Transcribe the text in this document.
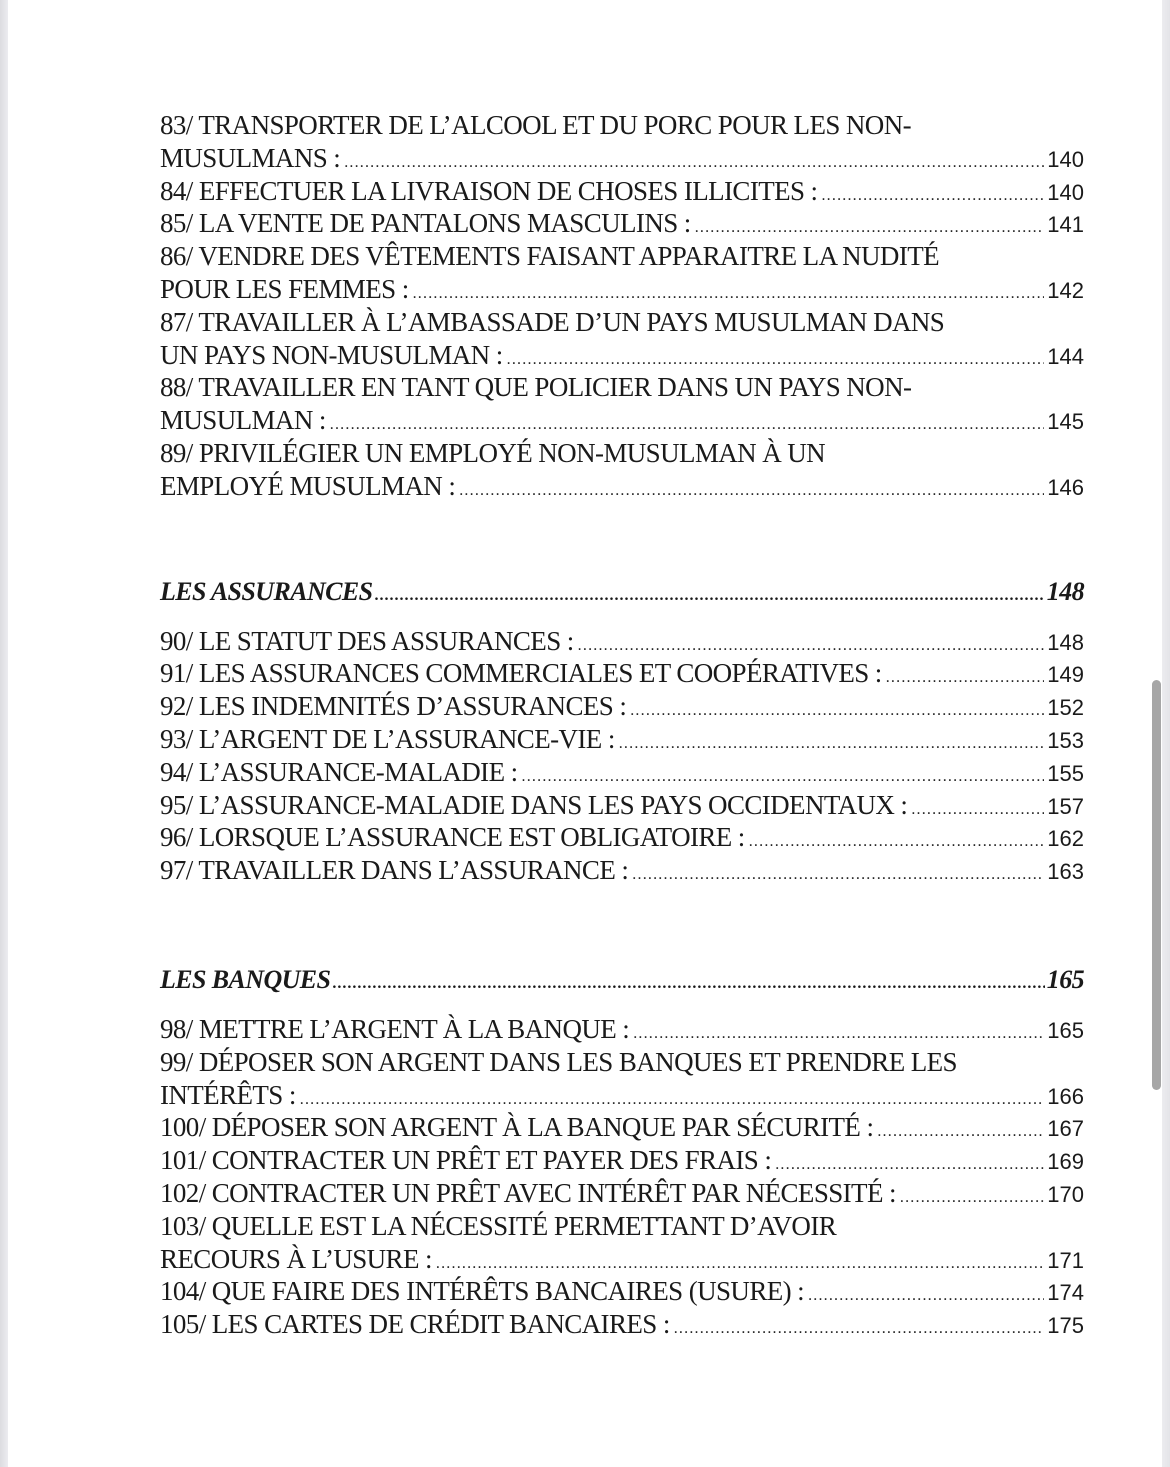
83/ TRANSPORTER DE L’ALCOOL ET DU PORC POUR LES NON-
MUSULMANS : .....	140
84/ EFFECTUER LA LIVRAISON DE CHOSES ILLICITES : .....	140
85/ LA VENTE DE PANTALONS MASCULINS : .....	141
86/ VENDRE DES VÊTEMENTS FAISANT APPARAITRE LA NUDITÉ
POUR LES FEMMES : .....	142
87/ TRAVAILLER À L’AMBASSADE D’UN PAYS MUSULMAN DANS
UN PAYS NON-MUSULMAN : .....	144
88/ TRAVAILLER EN TANT QUE POLICIER DANS UN PAYS NON-
MUSULMAN : .....	145
89/ PRIVILÉGIER UN EMPLOYÉ NON-MUSULMAN À UN
EMPLOYÉ MUSULMAN : .....	146
LES ASSURANCES .....	148
90/ LE STATUT DES ASSURANCES : .....	148
91/ LES ASSURANCES COMMERCIALES ET COOPÉRATIVES : .....	149
92/ LES INDEMNITÉS D’ASSURANCES : .....	152
93/ L’ARGENT DE L’ASSURANCE-VIE : .....	153
94/ L’ASSURANCE-MALADIE : .....	155
95/ L’ASSURANCE-MALADIE DANS LES PAYS OCCIDENTAUX : .....	157
96/ LORSQUE L’ASSURANCE EST OBLIGATOIRE : .....	162
97/ TRAVAILLER DANS L’ASSURANCE : .....	163
LES BANQUES .....	165
98/ METTRE L’ARGENT À LA BANQUE : .....	165
99/ DÉPOSER SON ARGENT DANS LES BANQUES ET PRENDRE LES
INTÉRÊTS : .....	166
100/ DÉPOSER SON ARGENT À LA BANQUE PAR SÉCURITÉ : .....	167
101/ CONTRACTER UN PRÊT ET PAYER DES FRAIS : .....	169
102/ CONTRACTER UN PRÊT AVEC INTÉRÊT PAR NÉCESSITÉ : .....	170
103/ QUELLE EST LA NÉCESSITÉ PERMETTANT D’AVOIR
RECOURS À L’USURE : .....	171
104/ QUE FAIRE DES INTÉRÊTS BANCAIRES (USURE) : .....	174
105/ LES CARTES DE CRÉDIT BANCAIRES : .....	175
